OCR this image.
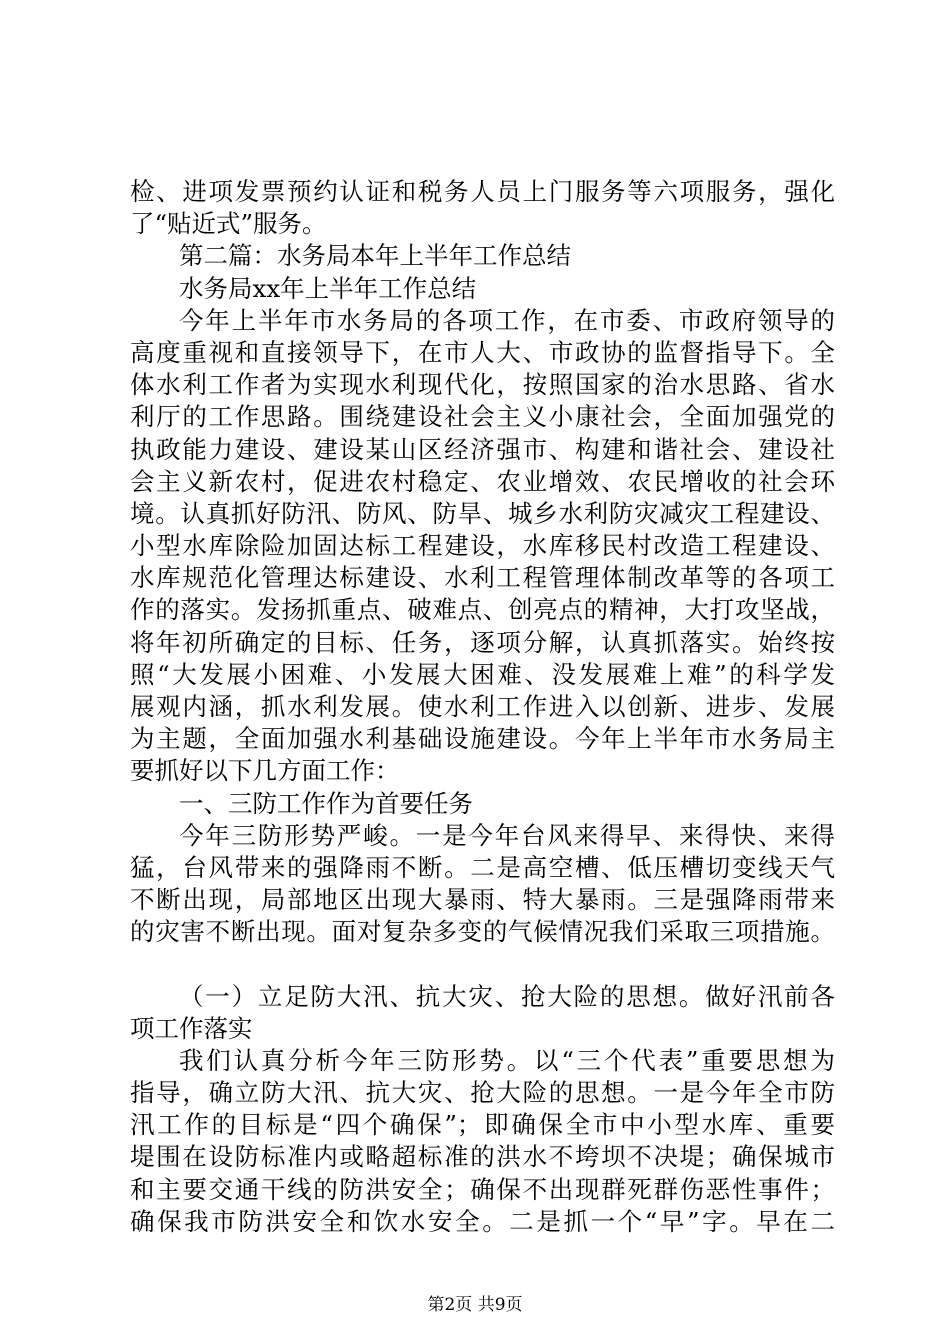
检、进项发票预约认证和税务人员上门服务等六项服务，强化
了“贴近式”服务。
第二篇：水务局本年上半年工作总结
水务局xx年上半年工作总结
今年上半年市水务局的各项工作，在市委、市政府领导的
高度重视和直接领导下，在市人大、市政协的监督指导下。全
体水利工作者为实现水利现代化，按照国家的治水思路、省水
利厅的工作思路。围绕建设社会主义小康社会，全面加强党的
执政能力建设、建设某山区经济强市、构建和谐社会、建设社
会主义新农村，促进农村稳定、农业增效、农民增收的社会环
境。认真抓好防汛、防风、防旱、城乡水利防灾减灾工程建设、
小型水库除险加固达标工程建设，水库移民村改造工程建设、
水库规范化管理达标建设、水利工程管理体制改革等的各项工
作的落实。发扬抓重点、破难点、创亮点的精神，大打攻坚战，
将年初所确定的目标、任务，逐项分解，认真抓落实。始终按
照“大发展小困难、小发展大困难、没发展难上难”的科学发
展观内涵，抓水利发展。使水利工作进入以创新、进步、发展
为主题，全面加强水利基础设施建设。今年上半年市水务局主
要抓好以下几方面工作：
一、三防工作作为首要任务
今年三防形势严峻。一是今年台风来得早、来得快、来得
猛，台风带来的强降雨不断。二是高空槽、低压槽切变线天气
不断出现，局部地区出现大暴雨、特大暴雨。三是强降雨带来
的灾害不断出现。面对复杂多变的气候情况我们采取三项措施。
（一）立足防大汛、抗大灾、抢大险的思想。做好汛前各
项工作落实
我们认真分析今年三防形势。以“三个代表”重要思想为
指导，确立防大汛、抗大灾、抢大险的思想。一是今年全市防
汛工作的目标是“四个确保”；即确保全市中小型水库、重要
堤围在设防标准内或略超标准的洪水不垮坝不决堤；确保城市
和主要交通干线的防洪安全；确保不出现群死群伤恶性事件；
确保我市防洪安全和饮水安全。二是抓一个“早”字。早在二
第2页 共9页
